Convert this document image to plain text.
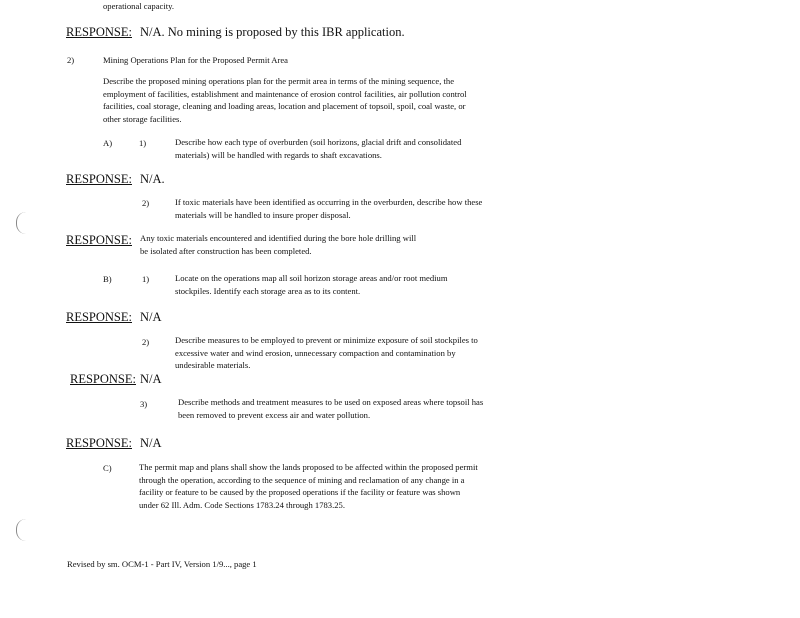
operational capacity.
RESPONSE: N/A. No mining is proposed by this IBR application.
2)	Mining Operations Plan for the Proposed Permit Area
Describe the proposed mining operations plan for the permit area in terms of the mining sequence, the
employment of facilities, establishment and maintenance of erosion control facilities, air pollution control
facilities, coal storage, cleaning and loading areas, location and placement of topsoil, spoil, coal waste, or
other storage facilities.
A)	1)	Describe how each type of overburden (soil horizons, glacial drift and consolidated
materials) will be handled with regards to shaft excavations.
RESPONSE: N/A.
2)	If toxic materials have been identified as occurring in the overburden, describe how these
materials will be handled to insure proper disposal.
RESPONSE: Any toxic materials encountered and identified during the bore hole drilling will
be isolated after construction has been completed.
B)	1)	Locate on the operations map all soil horizon storage areas and/or root medium
stockpiles. Identify each storage area as to its content.
RESPONSE: N/A
2)	Describe measures to be employed to prevent or minimize exposure of soil stockpiles to
excessive water and wind erosion, unnecessary compaction and contamination by
undesirable materials.
RESPONSE: N/A
3)	Describe methods and treatment measures to be used on exposed areas where topsoil has
been removed to prevent excess air and water pollution.
RESPONSE: N/A
C)	The permit map and plans shall show the lands proposed to be affected within the proposed permit
through the operation, according to the sequence of mining and reclamation of any change in a
facility or feature to be caused by the proposed operations if the facility or feature was shown
under 62 Ill. Adm. Code Sections 1783.24 through 1783.25.
Revised by sm. OCM-1 - Part IV, Version 1/9..., page 1
